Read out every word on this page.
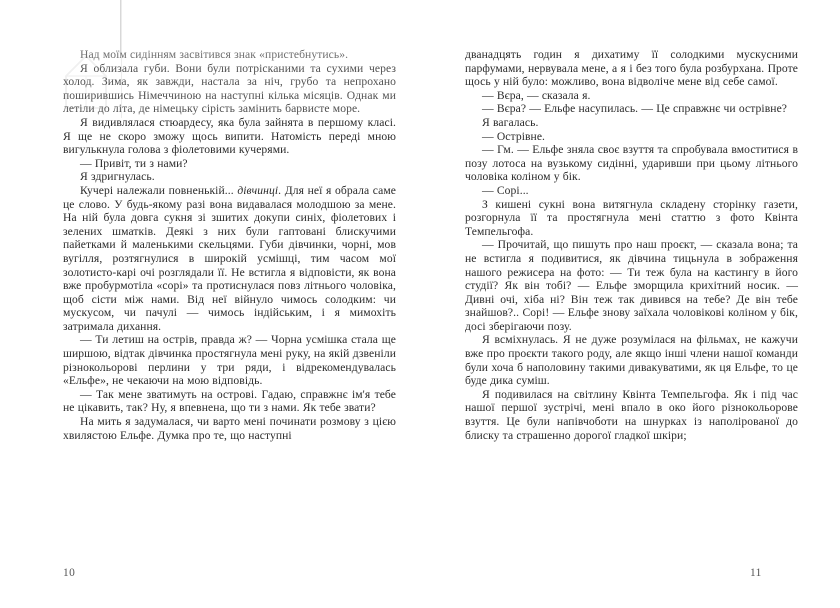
Над моїм сидінням засвітився знак «пристебнутись».

Я облизала губи. Вони були потрісканими та сухими через холод. Зима, як завжди, настала за ніч, грубо та непрохано поширившись Німеччиною на наступні кілька місяців. Однак ми летіли до літа, де німецьку сірість замінить барвисте море.

Я видивлялася стюардесу, яка була зайнята в першому класі. Я ще не скоро зможу щось випити. Натомість переді мною вигулькнула голова з фіолетовими кучерями.

— Привіт, ти з нами?

Я здригнулась.

Кучері належали повненькій... дівчинці. Для неї я обрала саме це слово. У будь-якому разі вона видавалася молодшою за мене. На ній була довга сукня зі зшитих докупи синіх, фіолетових і зелених шматків. Деякі з них були гаптовані блискучими пайетками й маленькими скельцями. Губи дівчинки, чорні, мов вугілля, розтягнулися в широкій усмішці, тим часом мої золотисто-карі очі розглядали її. Не встигла я відповісти, як вона вже пробурмотіла «сорі» та протиснулася повз літнього чоловіка, щоб сісти між нами. Від неї війнуло чимось солодким: чи мускусом, чи пачулі — чимось індійським, і я мимохіть затримала дихання.

— Ти летиш на острів, правда ж? — Чорна усмішка стала ще ширшою, відтак дівчинка простягнула мені руку, на якій дзвеніли різнокольорові перлини у три ряди, і відрекомендувалась «Ельфе», не чекаючи на мою відповідь.

— Так мене зватимуть на острові. Гадаю, справжнє ім'я тебе не цікавить, так? Ну, я впевнена, що ти з нами. Як тебе звати?

На мить я задумалася, чи варто мені починати розмову з цією хвилястою Ельфе. Думка про те, що наступні

10

дванадцять годин я дихатиму її солодкими мускусними парфумами, нервувала мене, а я і без того була розбурхана. Проте щось у ній було: можливо, вона відволіче мене від себе самої.

— Вєра, — сказала я.

— Вєра? — Ельфе насупилась. — Це справжнє чи острівне?

Я вагалась.

— Острівне.

— Гм. — Ельфе зняла своє взуття та спробувала вмоститися в позу лотоса на вузькому сидінні, ударивши при цьому літнього чоловіка коліном у бік.

— Сорі...

З кишені сукні вона витягнула складену сторінку газети, розгорнула її та простягнула мені статтю з фото Квінта Темпельгофа.

— Прочитай, що пишуть про наш проєкт, — сказала вона; та не встигла я подивитися, як дівчина тицьнула в зображення нашого режисера на фото: — Ти теж була на кастингу в його студії? Як він тобі? — Ельфе зморщила крихітний носик. — Дивні очі, хіба ні? Він теж так дивився на тебе? Де він тебе знайшов?.. Сорі! — Ельфе знову заїхала чоловікові коліном у бік, досі зберігаючи позу.

Я всміхнулась. Я не дуже розумілася на фільмах, не кажучи вже про проєкти такого роду, але якщо інші члени нашої команди були хоча б наполовину такими дивакуватими, як ця Ельфе, то це буде дика суміш.

Я подивилася на світлину Квінта Темпельгофа. Як і під час нашої першої зустрічі, мені впало в око його різнокольорове взуття. Це були напівчоботи на шнурках із наполірованої до блиску та страшенно дорогої гладкої шкіри;

11
